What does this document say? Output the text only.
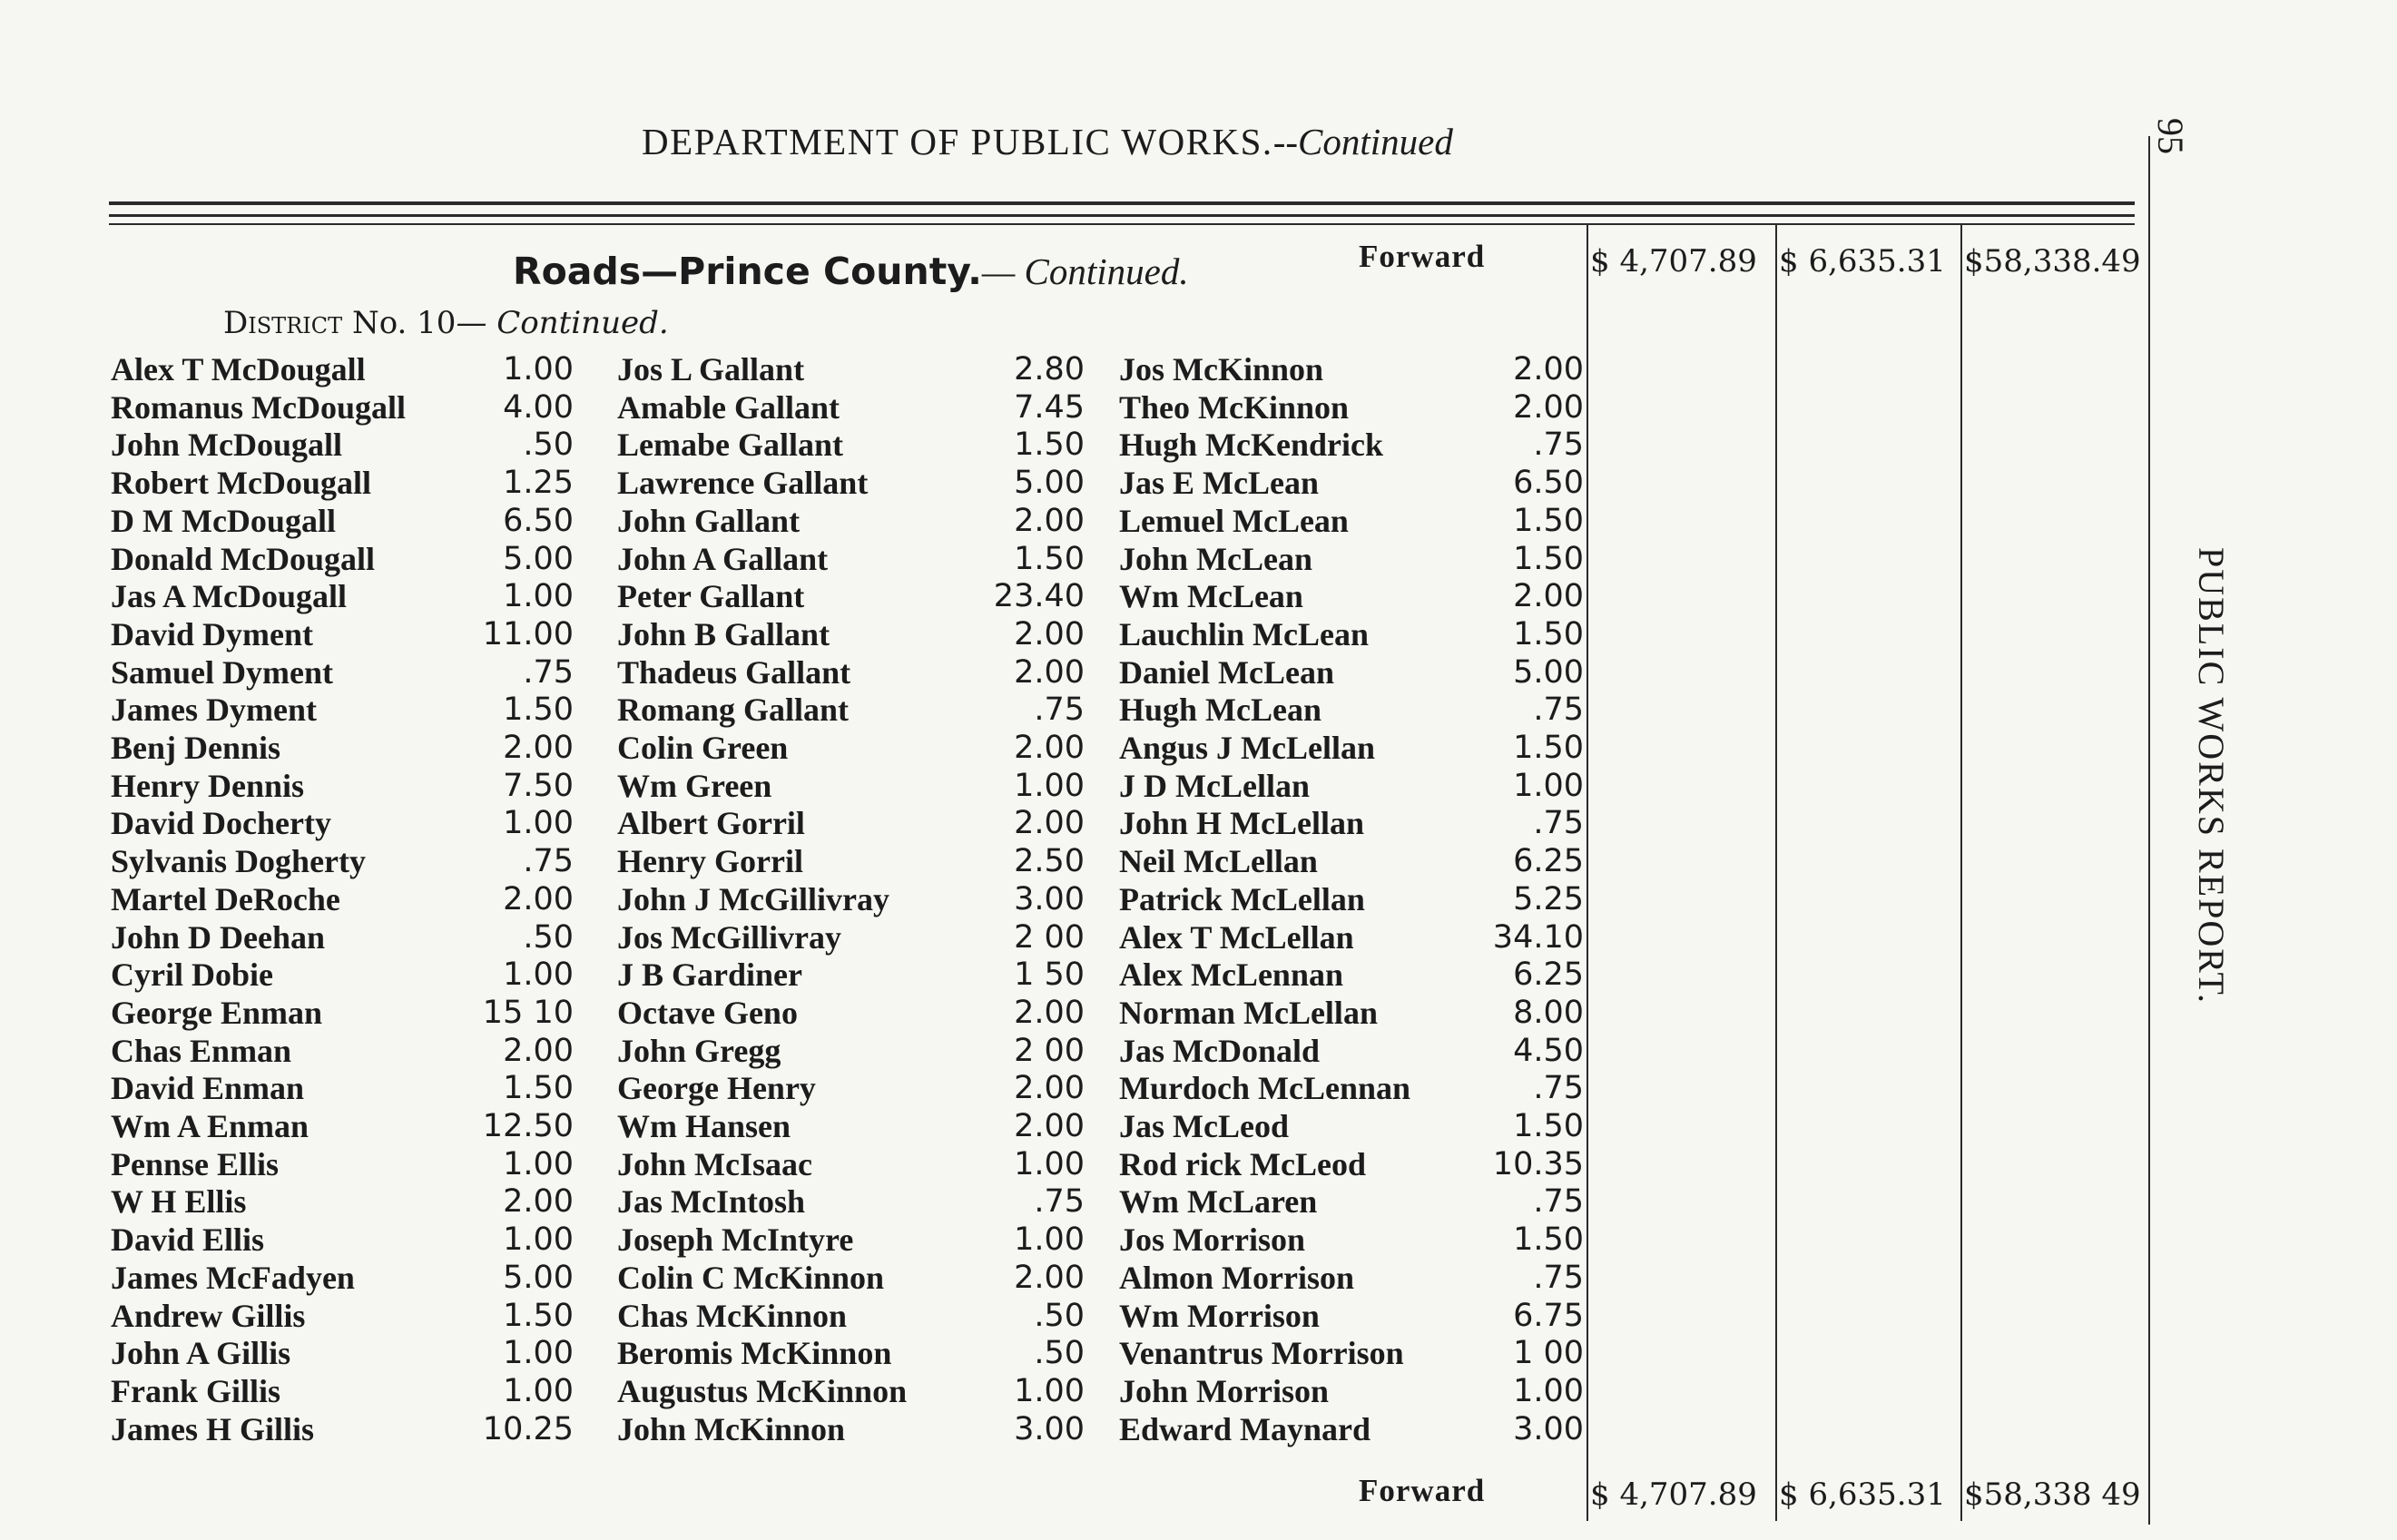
DEPARTMENT OF PUBLIC WORKS.--Continued	95
PUBLIC WORKS REPORT.
Roads—Prince County.— Continued.	Forward	$ 4,707.89 $ 6,635.31 $58,338.49
District No. 10— Continued.
Alex T McDougall	1.00
Romanus McDougall	4.00
John McDougall	.50
Robert McDougall	1.25
D M McDougall	6.50
Donald McDougall	5.00
Jas A McDougall	1.00
David Dyment	11.00
Samuel Dyment	.75
James Dyment	1.50
Benj Dennis	2.00
Henry Dennis	7.50
David Docherty	1.00
Sylvanis Dogherty	.75
Martel DeRoche	2.00
John D Deehan	.50
Cyril Dobie	1.00
George Enman	15 10
Chas Enman	2.00
David Enman	1.50
Wm A Enman	12.50
Pennse Ellis	1.00
W H Ellis	2.00
David Ellis	1.00
James McFadyen	5.00
Andrew Gillis	1.50
John A Gillis	1.00
Frank Gillis	1.00
James H Gillis	10.25
Jos L Gallant	2.80
Amable Gallant	7.45
Lemabe Gallant	1.50
Lawrence Gallant	5.00
John Gallant	2.00
John A Gallant	1.50
Peter Gallant	23.40
John B Gallant	2.00
Thadeus Gallant	2.00
Romang Gallant	.75
Colin Green	2.00
Wm Green	1.00
Albert Gorril	2.00
Henry Gorril	2.50
John J McGillivray	3.00
Jos McGillivray	2 00
J B Gardiner	1 50
Octave Geno	2.00
John Gregg	2 00
George Henry	2.00
Wm Hansen	2.00
John McIsaac	1.00
Jas McIntosh	.75
Joseph McIntyre	1.00
Colin C McKinnon	2.00
Chas McKinnon	.50
Beromis McKinnon	.50
Augustus McKinnon	1.00
John McKinnon	3.00
Jos McKinnon	2.00
Theo McKinnon	2.00
Hugh McKendrick	.75
Jas E McLean	6.50
Lemuel McLean	1.50
John McLean	1.50
Wm McLean	2.00
Lauchlin McLean	1.50
Daniel McLean	5.00
Hugh McLean	.75
Angus J McLellan	1.50
J D McLellan	1.00
John H McLellan	.75
Neil McLellan	6.25
Patrick McLellan	5.25
Alex T McLellan	34.10
Alex McLennan	6.25
Norman McLellan	8.00
Jas McDonald	4.50
Murdoch McLennan	.75
Jas McLeod	1.50
Rod rick McLeod	10.35
Wm McLaren	.75
Jos Morrison	1.50
Almon Morrison	.75
Wm Morrison	6.75
Venantrus Morrison	1 00
John Morrison	1.00
Edward Maynard	3.00
Forward	$ 4,707.89 $ 6,635.31 $58,338 49
